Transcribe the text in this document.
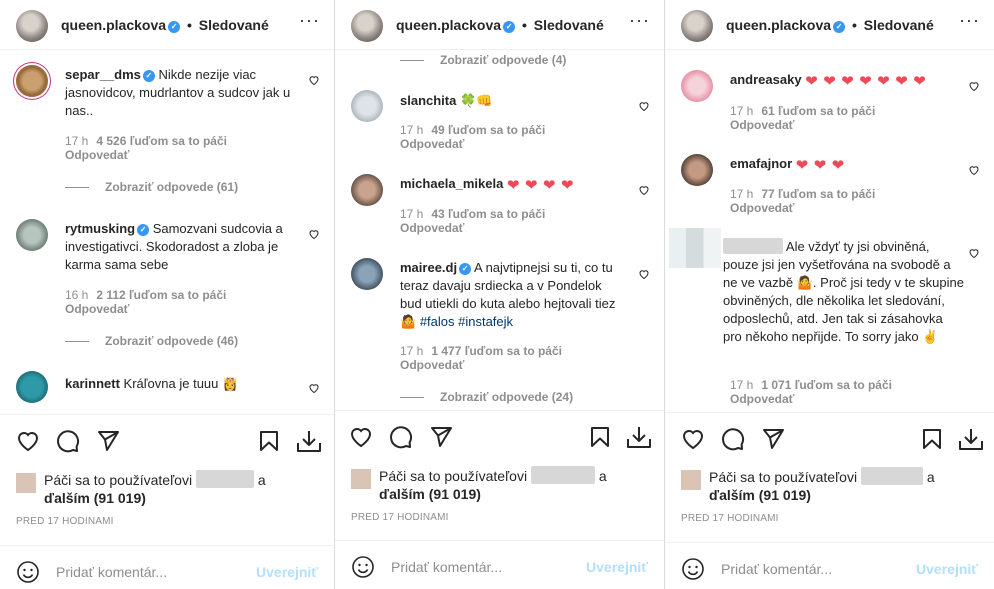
queen.plackova ✓ • Sledované ···
separ__dms ✓ Nikde nezije viac jasnovidcov, mudrlantov a sudcov jak u nas..
17 h 4 526 ľuďom sa to páči
Odpovedať
Zobraziť odpovede (61)
rytmusking ✓ Samozvani sudcovia a investigativci. Skodoradost a zloba je karma sama sebe
16 h 2 112 ľuďom sa to páči
Odpovedať
Zobraziť odpovede (46)
karinnett Kráľovna je tuuu 👸
Páči sa to používateľovi	a
ďalším (91 019)
PRED 17 HODINAMI
Pridať komentár...	Uverejniť
queen.plackova ✓ • Sledované ···
Zobraziť odpovede (4)
slanchita 🍀👊
17 h 49 ľuďom sa to páči
Odpovedať
michaela_mikela ❤ ❤ ❤ ❤
17 h 43 ľuďom sa to páči
Odpovedať
mairee.dj ✓ A najvtipnejsi su ti, co tu teraz davaju srdiecka a v Pondelok bud utiekli do kuta alebo hejtovali tiez 🤷 #falos #instafejk
17 h 1 477 ľuďom sa to páči
Odpovedať
Zobraziť odpovede (24)
Páči sa to používateľovi	a
ďalším (91 019)
PRED 17 HODINAMI
Pridať komentár...	Uverejniť
queen.plackova ✓ • Sledované ···
andreasaky ❤ ❤ ❤ ❤ ❤ ❤ ❤
17 h 61 ľuďom sa to páči
Odpovedať
emafajnor ❤ ❤ ❤
17 h 77 ľuďom sa to páči
Odpovedať
Ale vždyť ty jsi obviněná, pouze jsi jen vyšetřována na svobodě a ne ve vazbě 🤷. Proč jsi tedy v te skupine obviněných, dle několika let sledování, odposlechů, atd. Jen tak si zásahovka pro někoho nepřijde. To sorry jako ✌
17 h 1 071 ľuďom sa to páči
Odpovedať
Páči sa to používateľovi	a
ďalším (91 019)
PRED 17 HODINAMI
Pridať komentár...	Uverejniť
